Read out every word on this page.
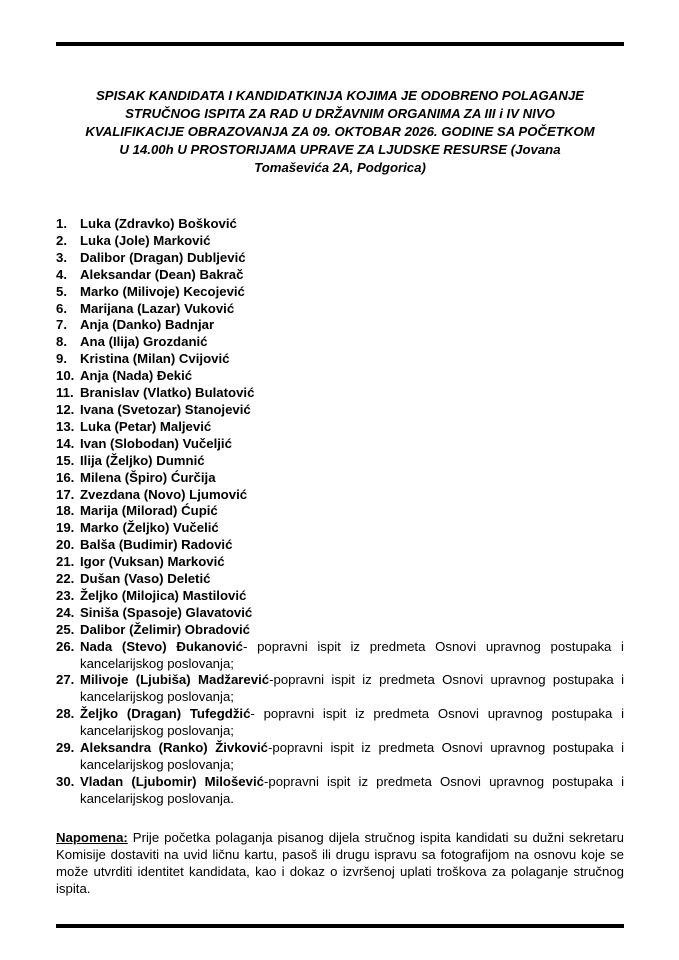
SPISAK KANDIDATA I KANDIDATKINJA KOJIMA JE ODOBRENO POLAGANJE
STRUČNOG ISPITA ZA RAD U DRŽAVNIM ORGANIMA ZA III i IV NIVO
KVALIFIKACIJE OBRAZOVANJA ZA 09. OKTOBAR 2026. GODINE SA POČETKOM
U 14.00h U PROSTORIJAMA UPRAVE ZA LJUDSKE RESURSE (Jovana
Tomaševića 2A, Podgorica)
1. Luka (Zdravko) Bošković
2. Luka (Jole) Marković
3. Dalibor (Dragan) Dubljević
4. Aleksandar (Dean) Bakrač
5. Marko (Milivoje) Kecojević
6. Marijana (Lazar) Vuković
7. Anja (Danko) Badnjar
8. Ana (Ilija) Grozdanić
9. Kristina (Milan) Cvijović
10. Anja (Nada) Đekić
11. Branislav (Vlatko) Bulatović
12. Ivana (Svetozar) Stanojević
13. Luka (Petar) Maljević
14. Ivan (Slobodan) Vučeljić
15. Ilija (Željko) Dumnić
16. Milena (Špiro) Ćurčija
17. Zvezdana (Novo) Ljumović
18. Marija (Milorad) Ćupić
19. Marko (Željko) Vučelić
20. Balša (Budimir) Radović
21. Igor (Vuksan) Marković
22. Dušan (Vaso) Deletić
23. Željko (Milojica) Mastilović
24. Siniša (Spasoje) Glavatović
25. Dalibor (Želimir) Obradović
26. Nada (Stevo) Đukanović- popravni ispit iz predmeta Osnovi upravnog postupaka i kancelarijskog poslovanja;
27. Milivoje (Ljubiša) Madžarević-popravni ispit iz predmeta Osnovi upravnog postupaka i kancelarijskog poslovanja;
28. Željko (Dragan) Tufegdžić- popravni ispit iz predmeta Osnovi upravnog postupaka i kancelarijskog poslovanja;
29. Aleksandra (Ranko) Živković-popravni ispit iz predmeta Osnovi upravnog postupaka i kancelarijskog poslovanja;
30. Vladan (Ljubomir) Milošević-popravni ispit iz predmeta Osnovi upravnog postupaka i kancelarijskog poslovanja.
Napomena: Prije početka polaganja pisanog dijela stručnog ispita kandidati su dužni sekretaru Komisije dostaviti na uvid ličnu kartu, pasoš ili drugu ispravu sa fotografijom na osnovu koje se može utvrditi identitet kandidata, kao i dokaz o izvršenoj uplati troškova za polaganje stručnog ispita.
